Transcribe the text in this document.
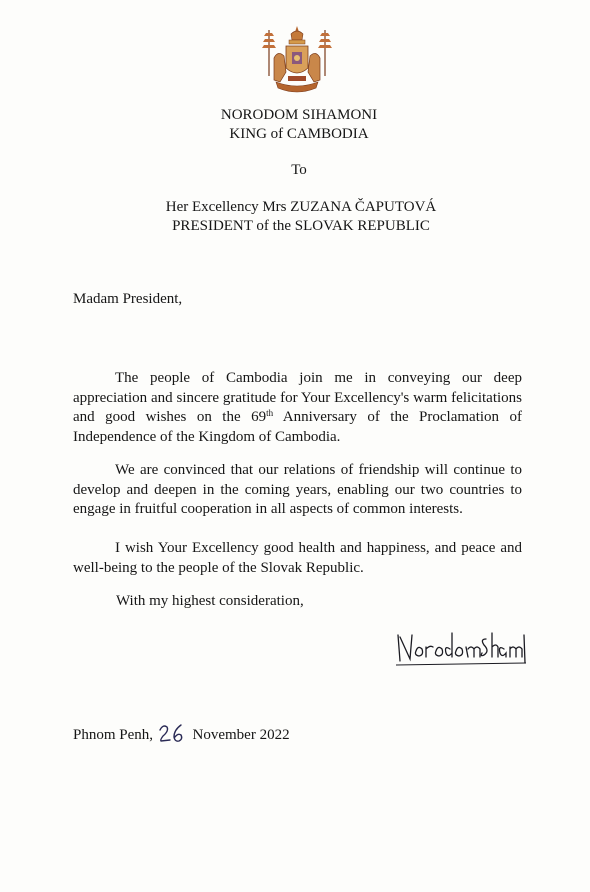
NORODOM SIHAMONI
KING of CAMBODIA
To
Her Excellency Mrs ZUZANA ČAPUTOVÁ
PRESIDENT of the SLOVAK REPUBLIC
Madam President,
The people of Cambodia join me in conveying our deep appreciation and sincere gratitude for Your Excellency's warm felicitations and good wishes on the 69th Anniversary of the Proclamation of Independence of the Kingdom of Cambodia.
We are convinced that our relations of friendship will continue to develop and deepen in the coming years, enabling our two countries to engage in fruitful cooperation in all aspects of common interests.
I wish Your Excellency good health and happiness, and peace and well-being to the people of the Slovak Republic.
With my highest consideration,
Phnom Penh,	November 2022
